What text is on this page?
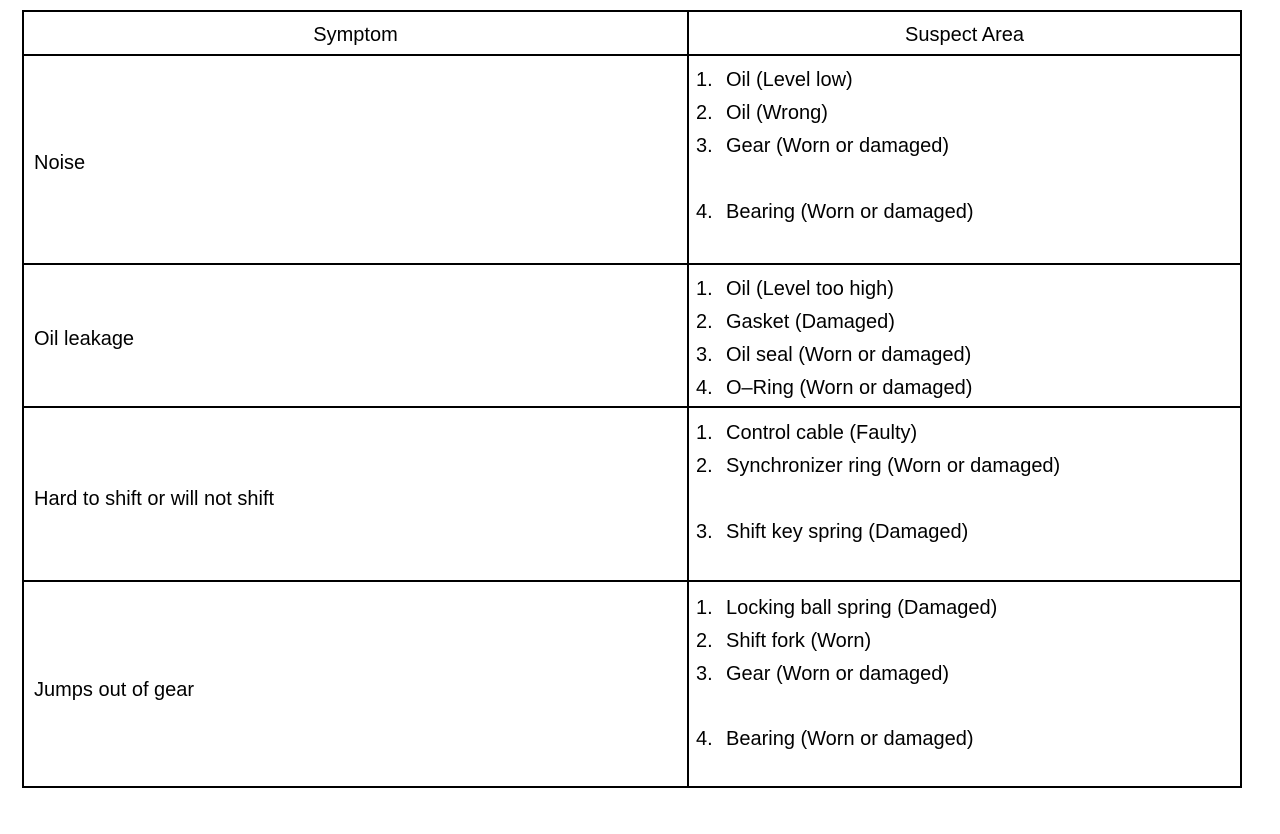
Symptom	Suspect Area
Noise
1. Oil (Level low)
2. Oil (Wrong)
3. Gear (Worn or damaged)
4. Bearing (Worn or damaged)
Oil leakage
1. Oil (Level too high)
2. Gasket (Damaged)
3. Oil seal (Worn or damaged)
4. O–Ring (Worn or damaged)
Hard to shift or will not shift
1. Control cable (Faulty)
2. Synchronizer ring (Worn or damaged)
3. Shift key spring (Damaged)
Jumps out of gear
1. Locking ball spring (Damaged)
2. Shift fork (Worn)
3. Gear (Worn or damaged)
4. Bearing (Worn or damaged)
